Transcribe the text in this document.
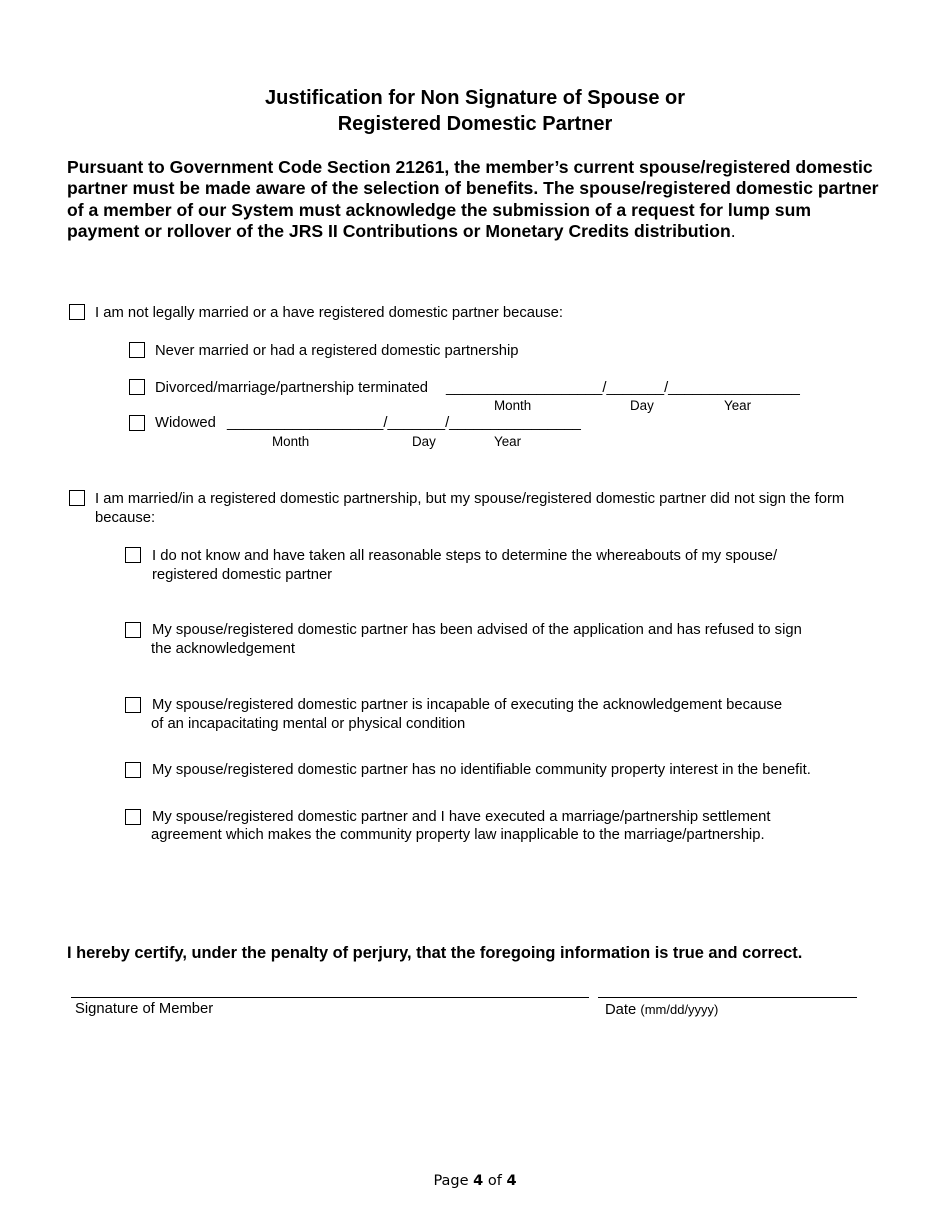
Justification for Non Signature of Spouse or
Registered Domestic Partner
Pursuant to Government Code Section 21261, the member’s current spouse/registered domestic partner must be made aware of the selection of benefits. The spouse/registered domestic partner of a member of our System must acknowledge the submission of a request for lump sum payment or rollover of the JRS II Contributions or Monetary Credits distribution.
I am not legally married or a have registered domestic partner because:
Never married or had a registered domestic partnership
Divorced/marriage/partnership terminated ___________________/_______/________________
Month	Day	Year
Widowed ___________________/_______/________________
Month	Day	Year
I am married/in a registered domestic partnership, but my spouse/registered domestic partner did not sign the form because:
I do not know and have taken all reasonable steps to determine the whereabouts of my spouse/
registered domestic partner
My spouse/registered domestic partner has been advised of the application and has refused to sign
the acknowledgement
My spouse/registered domestic partner is incapable of executing the acknowledgement because
of an incapacitating mental or physical condition
My spouse/registered domestic partner has no identifiable community property interest in the benefit.
My spouse/registered domestic partner and I have executed a marriage/partnership settlement
agreement which makes the community property law inapplicable to the marriage/partnership.
I hereby certify, under the penalty of perjury, that the foregoing information is true and correct.
Signature of Member	Date (mm/dd/yyyy)
Page 4 of 4
